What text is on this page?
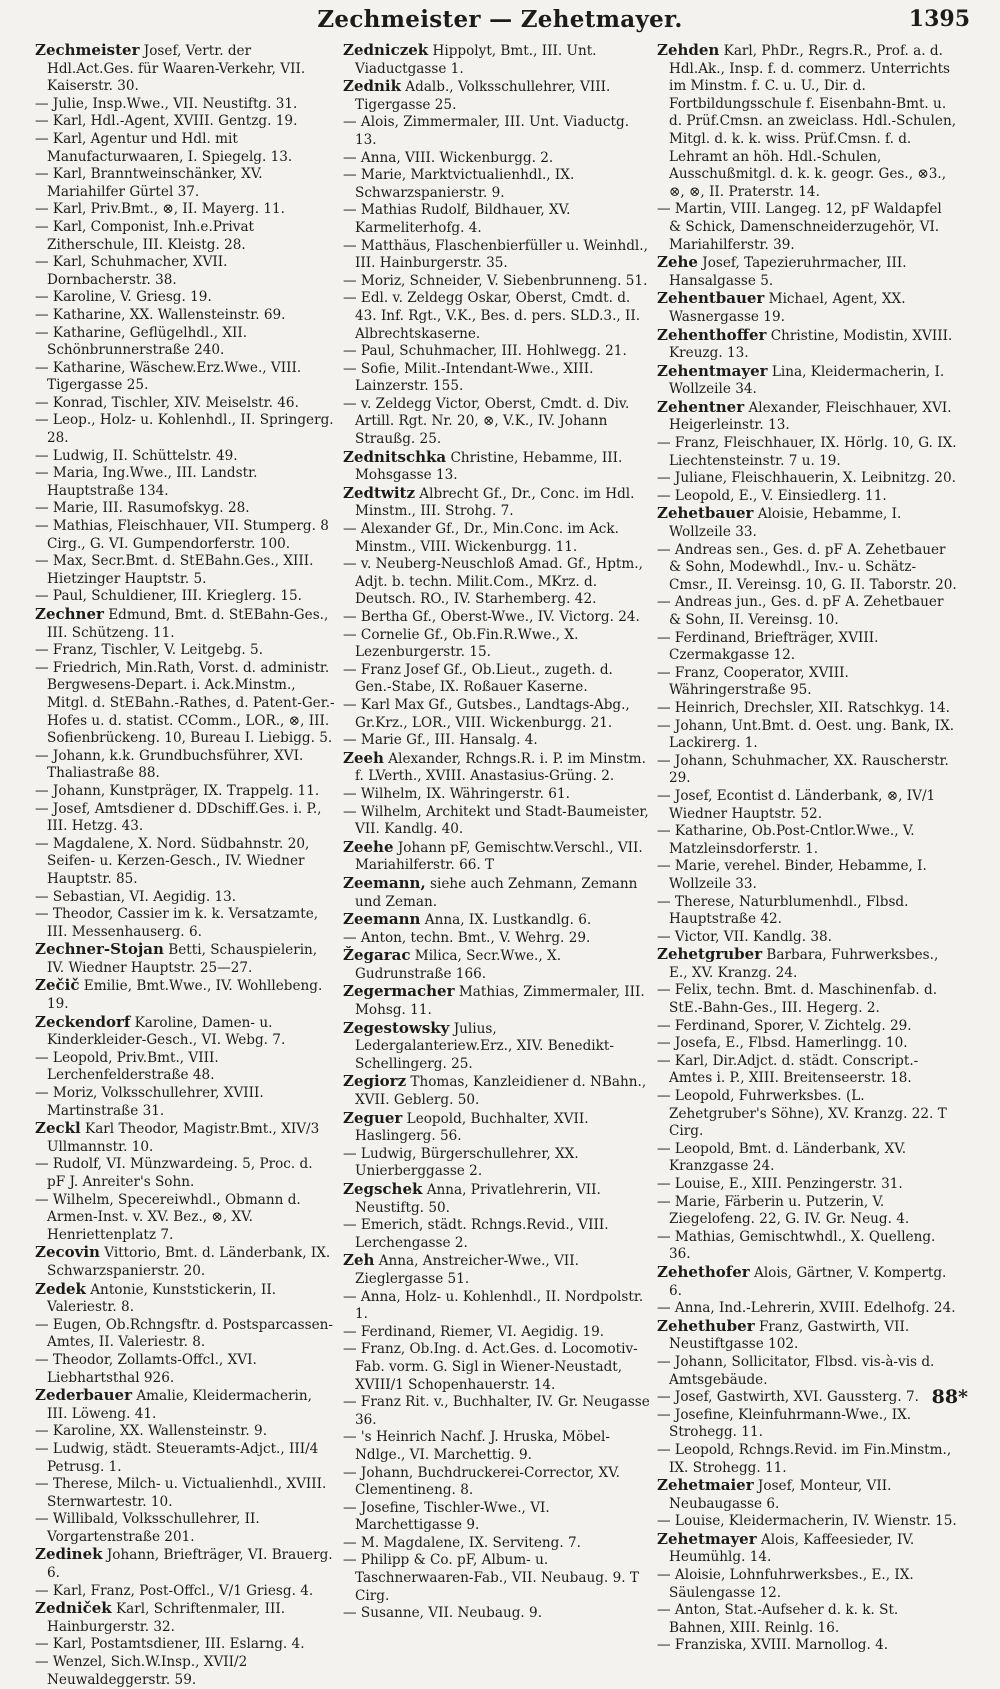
Zechmeister — Zehetmayer.	1395
Zechmeister Josef, Vertr. der Hdl.Act.Ges. für Waaren-Verkehr, VII. Kaiserstr. 30.
— Julie, Insp.Wwe., VII. Neustiftg. 31.
— Karl, Hdl.-Agent, XVIII. Gentzg. 19.
— Karl, Agentur und Hdl. mit Manufacturwaaren, I. Spiegelg. 13.
— Karl, Branntweinschänker, XV. Mariahilfer Gürtel 37.
— Karl, Priv.Bmt., ⊗, II. Mayerg. 11.
— Karl, Componist, Inh.e.Privat Zitherschule, III. Kleistg. 28.
— Karl, Schuhmacher, XVII. Dornbacherstr. 38.
— Karoline, V. Griesg. 19.
— Katharine, XX. Wallensteinstr. 69.
— Katharine, Geflügelhdl., XII. Schönbrunnerstraße 240.
— Katharine, Wäschew.Erz.Wwe., VIII. Tigergasse 25.
— Konrad, Tischler, XIV. Meiselstr. 46.
— Leop., Holz- u. Kohlenhdl., II. Springerg. 28.
— Ludwig, II. Schüttelstr. 49.
— Maria, Ing.Wwe., III. Landstr. Hauptstraße 134.
— Marie, III. Rasumofskyg. 28.
— Mathias, Fleischhauer, VII. Stumperg. 8 Cirg., G. VI. Gumpendorferstr. 100.
— Max, Secr.Bmt. d. StEBahn.Ges., XIII. Hietzinger Hauptstr. 5.
— Paul, Schuldiener, III. Krieglerg. 15.
Zechner Edmund, Bmt. d. StEBahn-Ges., III. Schützeng. 11.
— Franz, Tischler, V. Leitgebg. 5.
— Friedrich, Min.Rath, Vorst. d. administr. Bergwesens-Depart. i. Ack.Minstm., Mitgl. d. StEBahn.-Rathes, d. Patent-Ger.-Hofes u. d. statist. CComm., LOR., ⊗, III. Sofienbrückeng. 10, Bureau I. Liebigg. 5.
— Johann, k.k. Grundbuchsführer, XVI. Thaliastraße 88.
— Johann, Kunstpräger, IX. Trappelg. 11.
— Josef, Amtsdiener d. DDschiff.Ges. i. P., III. Hetzg. 43.
— Magdalene, X. Nord. Südbahnstr. 20, Seifen- u. Kerzen-Gesch., IV. Wiedner Hauptstr. 85.
— Sebastian, VI. Aegidig. 13.
— Theodor, Cassier im k. k. Versatzamte, III. Messenhauserg. 6.
Zechner-Stojan Betti, Schauspielerin, IV. Wiedner Hauptstr. 25—27.
Zečič Emilie, Bmt.Wwe., IV. Wohllebeng. 19.
Zeckendorf Karoline, Damen- u. Kinderkleider-Gesch., VI. Webg. 7.
— Leopold, Priv.Bmt., VIII. Lerchenfelderstraße 48.
— Moriz, Volksschullehrer, XVIII. Martinstraße 31.
Zeckl Karl Theodor, Magistr.Bmt., XIV/3 Ullmannstr. 10.
— Rudolf, VI. Münzwardeing. 5, Proc. d. pF J. Anreiter's Sohn.
— Wilhelm, Specereiwhdl., Obmann d. Armen-Inst. v. XV. Bez., ⊗, XV. Henriettenplatz 7.
Zecovin Vittorio, Bmt. d. Länderbank, IX. Schwarzspanierstr. 20.
Zedek Antonie, Kunststickerin, II. Valeriestr. 8.
— Eugen, Ob.Rchngsftr. d. Postsparcassen-Amtes, II. Valeriestr. 8.
— Theodor, Zollamts-Offcl., XVI. Liebhartsthal 926.
Zederbauer Amalie, Kleidermacherin, III. Löweng. 41.
— Karoline, XX. Wallensteinstr. 9.
— Ludwig, städt. Steueramts-Adjct., III/4 Petrusg. 1.
— Therese, Milch- u. Victualienhdl., XVIII. Sternwartestr. 10.
— Willibald, Volksschullehrer, II. Vorgartenstraße 201.
Zedinek Johann, Briefträger, VI. Brauerg. 6.
— Karl, Franz, Post-Offcl., V/1 Griesg. 4.
Zedniček Karl, Schriftenmaler, III. Hainburgerstr. 32.
— Karl, Postamtsdiener, III. Eslarng. 4.
— Wenzel, Sich.W.Insp., XVII/2 Neuwaldeggerstr. 59.
Zedniczek Hippolyt, Bmt., III. Unt. Viaductgasse 1.
Zednik Adalb., Volksschullehrer, VIII. Tigergasse 25.
— Alois, Zimmermaler, III. Unt. Viaductg. 13.
— Anna, VIII. Wickenburgg. 2.
— Marie, Marktvictualienhdl., IX. Schwarzspanierstr. 9.
— Mathias Rudolf, Bildhauer, XV. Karmeliterhofg. 4.
— Matthäus, Flaschenbierfüller u. Weinhdl., III. Hainburgerstr. 35.
— Moriz, Schneider, V. Siebenbrunneng. 51.
— Edl. v. Zeldegg Oskar, Oberst, Cmdt. d. 43. Inf. Rgt., V.K., Bes. d. pers. SLD.3., II. Albrechtskaserne.
— Paul, Schuhmacher, III. Hohlwegg. 21.
— Sofie, Milit.-Intendant-Wwe., XIII. Lainzerstr. 155.
— v. Zeldegg Victor, Oberst, Cmdt. d. Div. Artill. Rgt. Nr. 20, ⊗, V.K., IV. Johann Straußg. 25.
Zednitschka Christine, Hebamme, III. Mohsgasse 13.
Zedtwitz Albrecht Gf., Dr., Conc. im Hdl. Minstm., III. Strohg. 7.
— Alexander Gf., Dr., Min.Conc. im Ack. Minstm., VIII. Wickenburgg. 11.
— v. Neuberg-Neuschloß Amad. Gf., Hptm., Adjt. b. techn. Milit.Com., MKrz. d. Deutsch. RO., IV. Starhemberg. 42.
— Bertha Gf., Oberst-Wwe., IV. Victorg. 24.
— Cornelie Gf., Ob.Fin.R.Wwe., X. Lezenburgerstr. 15.
— Franz Josef Gf., Ob.Lieut., zugeth. d. Gen.-Stabe, IX. Roßauer Kaserne.
— Karl Max Gf., Gutsbes., Landtags-Abg., Gr.Krz., LOR., VIII. Wickenburgg. 21.
— Marie Gf., III. Hansalg. 4.
Zeeh Alexander, Rchngs.R. i. P. im Minstm. f. LVerth., XVIII. Anastasius-Grüng. 2.
— Wilhelm, IX. Währingerstr. 61.
— Wilhelm, Architekt und Stadt-Baumeister, VII. Kandlg. 40.
Zeehe Johann pF, Gemischtw.Verschl., VII. Mariahilferstr. 66. T
Zeemann, siehe auch Zehmann, Zemann und Zeman.
Zeemann Anna, IX. Lustkandlg. 6.
— Anton, techn. Bmt., V. Wehrg. 29.
Žegarac Milica, Secr.Wwe., X. Gudrunstraße 166.
Zegermacher Mathias, Zimmermaler, III. Mohsg. 11.
Zegestowsky Julius, Ledergalanteriew.Erz., XIV. Benedikt-Schellingerg. 25.
Zegiorz Thomas, Kanzleidiener d. NBahn., XVII. Geblerg. 50.
Zeguer Leopold, Buchhalter, XVII. Haslingerg. 56.
— Ludwig, Bürgerschullehrer, XX. Unierberggasse 2.
Zegschek Anna, Privatlehrerin, VII. Neustiftg. 50.
— Emerich, städt. Rchngs.Revid., VIII. Lerchengasse 2.
Zeh Anna, Anstreicher-Wwe., VII. Zieglergasse 51.
— Anna, Holz- u. Kohlenhdl., II. Nordpolstr. 1.
— Ferdinand, Riemer, VI. Aegidig. 19.
— Franz, Ob.Ing. d. Act.Ges. d. Locomotiv-Fab. vorm. G. Sigl in Wiener-Neustadt, XVIII/1 Schopenhauerstr. 14.
— Franz Rit. v., Buchhalter, IV. Gr. Neugasse 36.
— 's Heinrich Nachf. J. Hruska, Möbel-Ndlge., VI. Marchettig. 9.
— Johann, Buchdruckerei-Corrector, XV. Clementineng. 8.
— Josefine, Tischler-Wwe., VI. Marchettigasse 9.
— M. Magdalene, IX. Serviteng. 7.
— Philipp & Co. pF, Album- u. Taschnerwaaren-Fab., VII. Neubaug. 9. T Cirg.
— Susanne, VII. Neubaug. 9.
Zehden Karl, PhDr., Regrs.R., Prof. a. d. Hdl.Ak., Insp. f. d. commerz. Unterrichts im Minstm. f. C. u. U., Dir. d. Fortbildungsschule f. Eisenbahn-Bmt. u. d. Prüf.Cmsn. an zweiclass. Hdl.-Schulen, Mitgl. d. k. k. wiss. Prüf.Cmsn. f. d. Lehramt an höh. Hdl.-Schulen, Ausschußmitgl. d. k. k. geogr. Ges., ⊗3., ⊗, ⊗, II. Praterstr. 14.
— Martin, VIII. Langeg. 12, pF Waldapfel & Schick, Damenschneiderzugehör, VI. Mariahilferstr. 39.
Zehe Josef, Tapezieruhrmacher, III. Hansalgasse 5.
Zehentbauer Michael, Agent, XX. Wasnergasse 19.
Zehenthoffer Christine, Modistin, XVIII. Kreuzg. 13.
Zehentmayer Lina, Kleidermacherin, I. Wollzeile 34.
Zehentner Alexander, Fleischhauer, XVI. Heigerleinstr. 13.
— Franz, Fleischhauer, IX. Hörlg. 10, G. IX. Liechtensteinstr. 7 u. 19.
— Juliane, Fleischhauerin, X. Leibnitzg. 20.
— Leopold, E., V. Einsiedlerg. 11.
Zehetbauer Aloisie, Hebamme, I. Wollzeile 33.
— Andreas sen., Ges. d. pF A. Zehetbauer & Sohn, Modewhdl., Inv.- u. Schätz-Cmsr., II. Vereinsg. 10, G. II. Taborstr. 20.
— Andreas jun., Ges. d. pF A. Zehetbauer & Sohn, II. Vereinsg. 10.
— Ferdinand, Briefträger, XVIII. Czermakgasse 12.
— Franz, Cooperator, XVIII. Währingerstraße 95.
— Heinrich, Drechsler, XII. Ratschkyg. 14.
— Johann, Unt.Bmt. d. Oest. ung. Bank, IX. Lackirerg. 1.
— Johann, Schuhmacher, XX. Rauscherstr. 29.
— Josef, Econtist d. Länderbank, ⊗, IV/1 Wiedner Hauptstr. 52.
— Katharine, Ob.Post-Cntlor.Wwe., V. Matzleinsdorferstr. 1.
— Marie, verehel. Binder, Hebamme, I. Wollzeile 33.
— Therese, Naturblumenhdl., Flbsd. Hauptstraße 42.
— Victor, VII. Kandlg. 38.
Zehetgruber Barbara, Fuhrwerksbes., E., XV. Kranzg. 24.
— Felix, techn. Bmt. d. Maschinenfab. d. StE.-Bahn-Ges., III. Hegerg. 2.
— Ferdinand, Sporer, V. Zichtelg. 29.
— Josefa, E., Flbsd. Hamerlingg. 10.
— Karl, Dir.Adjct. d. städt. Conscript.-Amtes i. P., XIII. Breitenseerstr. 18.
— Leopold, Fuhrwerksbes. (L. Zehetgruber's Söhne), XV. Kranzg. 22. T Cirg.
— Leopold, Bmt. d. Länderbank, XV. Kranzgasse 24.
— Louise, E., XIII. Penzingerstr. 31.
— Marie, Färberin u. Putzerin, V. Ziegelofeng. 22, G. IV. Gr. Neug. 4.
— Mathias, Gemischtwhdl., X. Quelleng. 36.
Zehethofer Alois, Gärtner, V. Kompertg. 6.
— Anna, Ind.-Lehrerin, XVIII. Edelhofg. 24.
Zehethuber Franz, Gastwirth, VII. Neustiftgasse 102.
— Johann, Sollicitator, Flbsd. vis-à-vis d. Amtsgebäude.
— Josef, Gastwirth, XVI. Gaussterg. 7.
— Josefine, Kleinfuhrmann-Wwe., IX. Strohegg. 11.
— Leopold, Rchngs.Revid. im Fin.Minstm., IX. Strohegg. 11.
Zehetmaier Josef, Monteur, VII. Neubaugasse 6.
— Louise, Kleidermacherin, IV. Wienstr. 15.
Zehetmayer Alois, Kaffeesieder, IV. Heumühlg. 14.
— Aloisie, Lohnfuhrwerksbes., E., IX. Säulengasse 12.
— Anton, Stat.-Aufseher d. k. k. St. Bahnen, XIII. Reinlg. 16.
— Franziska, XVIII. Marnollog. 4.
88*
